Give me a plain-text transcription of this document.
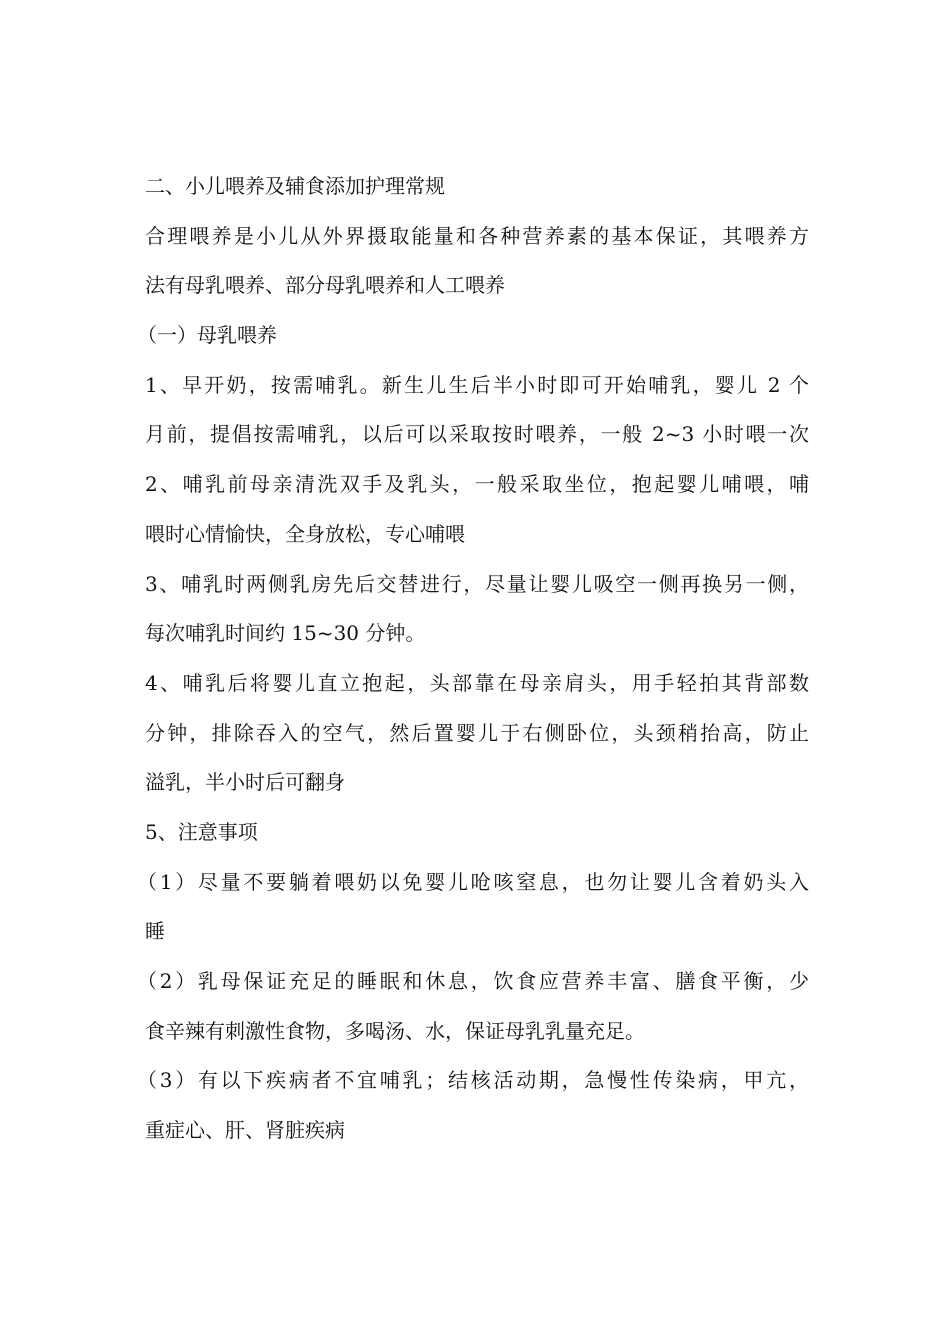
二、小儿喂养及辅食添加护理常规
合理喂养是小儿从外界摄取能量和各种营养素的基本保证，其喂养方
法有母乳喂养、部分母乳喂养和人工喂养
（一）母乳喂养
1、早开奶，按需哺乳。新生儿生后半小时即可开始哺乳，婴儿 2 个
月前，提倡按需哺乳，以后可以采取按时喂养，一般 2~3 小时喂一次
2、哺乳前母亲清洗双手及乳头，一般采取坐位，抱起婴儿哺喂，哺
喂时心情愉快，全身放松，专心哺喂
3、哺乳时两侧乳房先后交替进行，尽量让婴儿吸空一侧再换另一侧，
每次哺乳时间约 15~30 分钟。
4、哺乳后将婴儿直立抱起，头部靠在母亲肩头，用手轻拍其背部数
分钟，排除吞入的空气，然后置婴儿于右侧卧位，头颈稍抬高，防止
溢乳，半小时后可翻身
5、注意事项
（1）尽量不要躺着喂奶以免婴儿呛咳窒息，也勿让婴儿含着奶头入
睡
（2）乳母保证充足的睡眠和休息，饮食应营养丰富、膳食平衡，少
食辛辣有刺激性食物，多喝汤、水，保证母乳乳量充足。
（3）有以下疾病者不宜哺乳；结核活动期，急慢性传染病，甲亢，
重症心、肝、肾脏疾病
